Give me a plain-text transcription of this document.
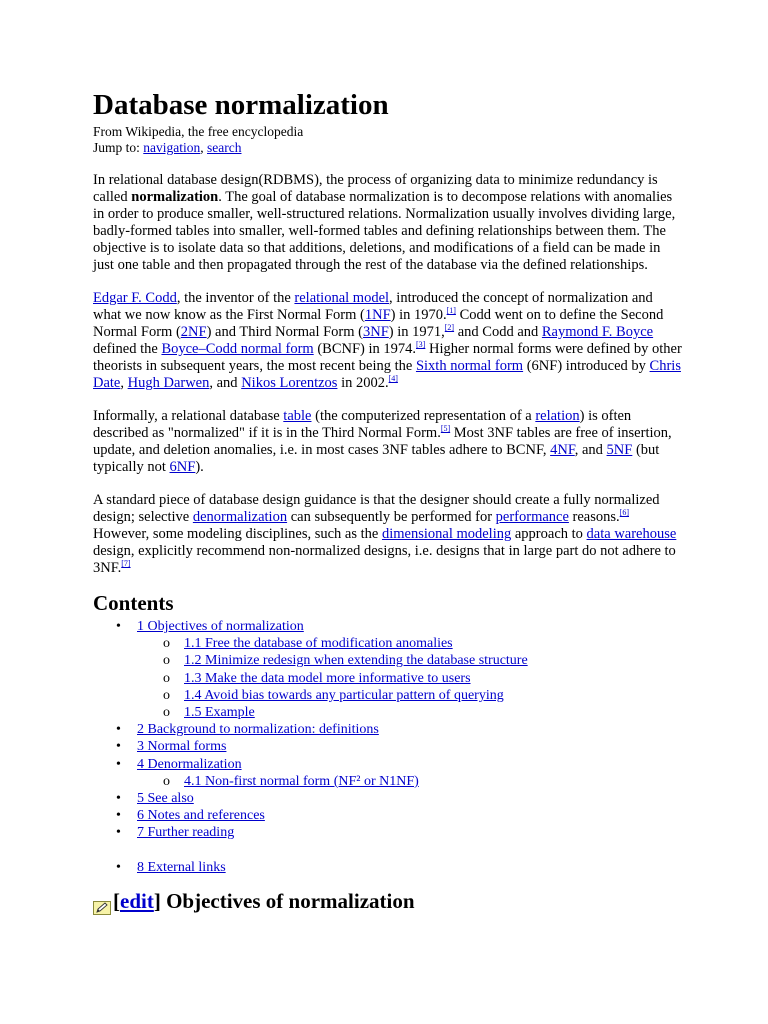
Database normalization

From Wikipedia, the free encyclopedia

Jump to: navigation, search

In relational database design(RDBMS), the process of organizing data to minimize redundancy is called normalization. The goal of database normalization is to decompose relations with anomalies in order to produce smaller, well-structured relations. Normalization usually involves dividing large, badly-formed tables into smaller, well-formed tables and defining relationships between them. The objective is to isolate data so that additions, deletions, and modifications of a field can be made in just one table and then propagated through the rest of the database via the defined relationships.

Edgar F. Codd, the inventor of the relational model, introduced the concept of normalization and what we now know as the First Normal Form (1NF) in 1970.[1] Codd went on to define the Second Normal Form (2NF) and Third Normal Form (3NF) in 1971,[2] and Codd and Raymond F. Boyce defined the Boyce–Codd normal form (BCNF) in 1974.[3] Higher normal forms were defined by other theorists in subsequent years, the most recent being the Sixth normal form (6NF) introduced by Chris Date, Hugh Darwen, and Nikos Lorentzos in 2002.[4]

Informally, a relational database table (the computerized representation of a relation) is often described as "normalized" if it is in the Third Normal Form.[5] Most 3NF tables are free of insertion, update, and deletion anomalies, i.e. in most cases 3NF tables adhere to BCNF, 4NF, and 5NF (but typically not 6NF).

A standard piece of database design guidance is that the designer should create a fully normalized design; selective denormalization can subsequently be performed for performance reasons.[6] However, some modeling disciplines, such as the dimensional modeling approach to data warehouse design, explicitly recommend non-normalized designs, i.e. designs that in large part do not adhere to 3NF.[7]

Contents
• 1 Objectives of normalization
o 1.1 Free the database of modification anomalies
o 1.2 Minimize redesign when extending the database structure
o 1.3 Make the data model more informative to users
o 1.4 Avoid bias towards any particular pattern of querying
o 1.5 Example
• 2 Background to normalization: definitions
• 3 Normal forms
• 4 Denormalization
o 4.1 Non-first normal form (NF² or N1NF)
• 5 See also
• 6 Notes and references
• 7 Further reading
• 8 External links
[ edit ] Objectives of normalization
